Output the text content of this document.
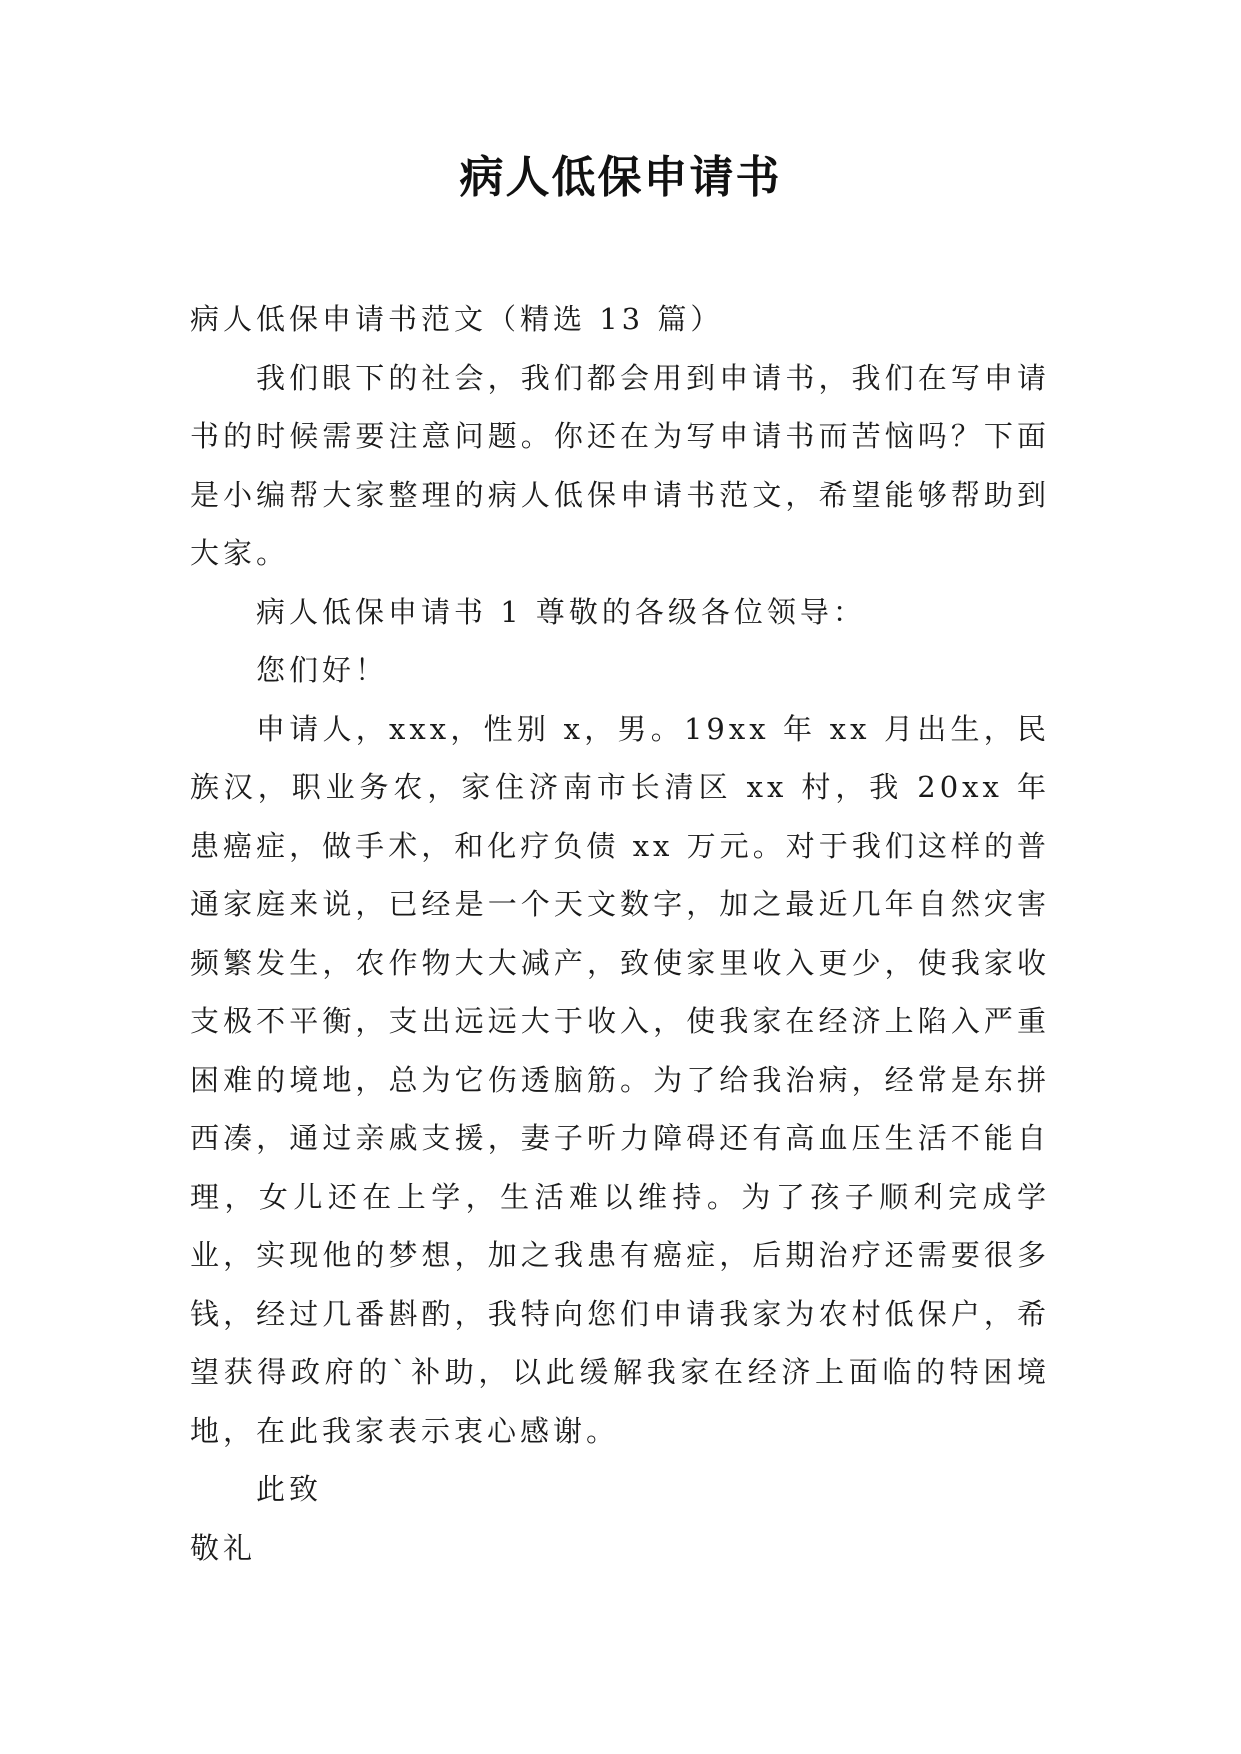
病人低保申请书

病人低保申请书范文（精选 13 篇）

我们眼下的社会，我们都会用到申请书，我们在写申请书的时候需要注意问题。你还在为写申请书而苦恼吗？下面是小编帮大家整理的病人低保申请书范文，希望能够帮助到大家。

病人低保申请书 1 尊敬的各级各位领导：

您们好！

申请人，xxx，性别 x，男。19xx 年 xx 月出生，民族汉，职业务农，家住济南市长清区 xx 村，我 20xx 年患癌症，做手术，和化疗负债 xx 万元。对于我们这样的普通家庭来说，已经是一个天文数字，加之最近几年自然灾害频繁发生，农作物大大减产，致使家里收入更少，使我家收支极不平衡，支出远远大于收入，使我家在经济上陷入严重困难的境地，总为它伤透脑筋。为了给我治病，经常是东拼西凑，通过亲戚支援，妻子听力障碍还有高血压生活不能自理，女儿还在上学，生活难以维持。为了孩子顺利完成学业，实现他的梦想，加之我患有癌症，后期治疗还需要很多钱，经过几番斟酌，我特向您们申请我家为农村低保户，希望获得政府的`补助，以此缓解我家在经济上面临的特困境地，在此我家表示衷心感谢。

此致

敬礼
